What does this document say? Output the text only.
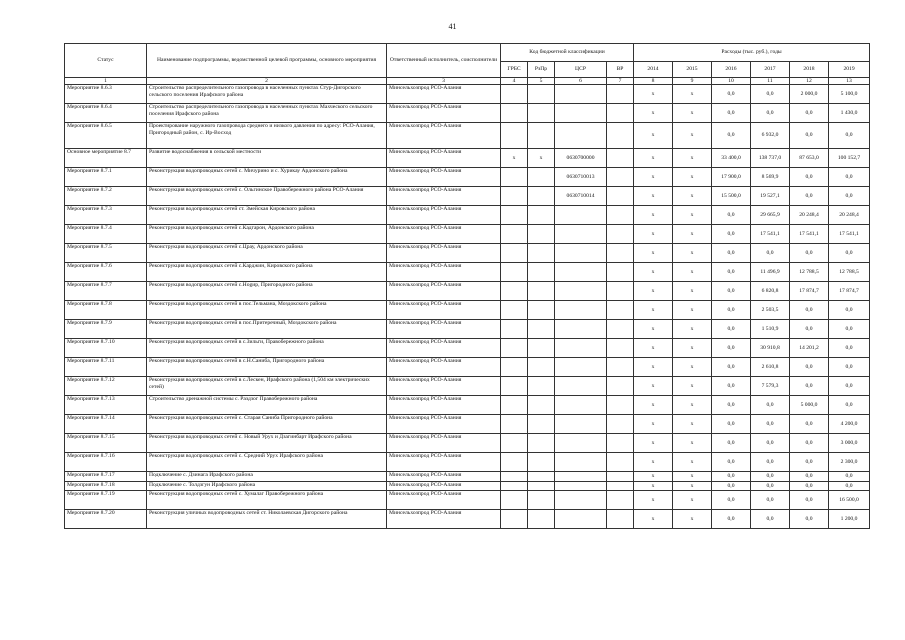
41
Статус	Наименование подпрограммы, ведомственной целевой программы, основного мероприятия	Ответственный исполнитель, соисполнители	Код бюджетной классификации				Расходы (тыс. руб.), годы					
			ГРБС	РзПр	ЦСР	ВР	2014	2015	2016	2017	2018	2019
1	2	3	4	5	6	7	8	9	10	11	12	13
Мероприятие 8.6.3	Строительство распределительного газопровода в населенных пунктах Стур-Дигорского сельского поселения Ирафского района	Минсельхозпрод РСО-Алания					х	х	0,0	0,0	2 000,0	5 100,0
Мероприятие 8.6.4	Строительство распределительного газопровода в населенных пунктах Махческого сельского поселения Ирафского района	Минсельхозпрод РСО-Алания					х	х	0,0	0,0	0,0	1 430,0
Мероприятие 8.6.5	Проектирование наружного газопровода среднего и низкого давления по адресу: РСО-Алания, Пригородный район, с. Ир-Восход	Минсельхозпрод РСО-Алания					х	х	0,0	6 932,0	0,0	0,0
Основное мероприятие 8.7	Развитие водоснабжения в сельской местности	Минсельхозпрод РСО-Алания	х	х	0630700000		х	х	33 400,0	138 737,0	87 653,0	100 152,7
Мероприятие 8.7.1	Реконструкция водопроводных сетей с. Мичурино и с. Хурикау Ардонского района	Минсельхозпрод РСО-Алания			0630710013		х	х	17 900,0	8 569,9	0,0	0,0
Мероприятие 8.7.2	Реконструкция водопроводных сетей с. Ольгинское Правобережного района РСО-Алания	Минсельхозпрод РСО-Алания			0630710014		х	х	15 500,0	19 527,1	0,0	0,0
Мероприятие 8.7.3	Реконструкция водопроводных сетей ст. Змейская Кировского района	Минсельхозпрод РСО-Алания					х	х	0,0	29 665,9	20 248,4	20 248,4
Мероприятие 8.7.4	Реконструкция водопроводных сетей с.Кадгарон, Ардонского района	Минсельхозпрод РСО-Алания					х	х	0,0	17 541,1	17 541,1	17 541,1
Мероприятие 8.7.5	Реконструкция водопроводных сетей с.Црау, Ардонского района	Минсельхозпрод РСО-Алания					х	х	0,0	0,0	0,0	0,0
Мероприятие 8.7.6	Реконструкция водопроводных сетей с.Карджин, Кировского района	Минсельхозпрод РСО-Алания					х	х	0,0	11 496,9	12 788,5	12 788,5
Мероприятие 8.7.7	Реконструкция водопроводных сетей с.Нogир, Пригородного района	Минсельхозпрод РСО-Алания					х	х	0,0	6 820,8	17 874,7	17 874,7
Мероприятие 8.7.8	Реконструкция водопроводных сетей в пос.Тельмана, Моздокского района	Минсельхозпрод РСО-Алания					х	х	0,0	2 503,5	0,0	0,0
Мероприятие 8.7.9	Реконструкция водопроводных сетей в пос.Притеречный, Моздокского района	Минсельхозпрод РСО-Алания					х	х	0,0	1 510,9	0,0	0,0
Мероприятие 8.7.10	Реконструкция водопроводных сетей в с.Зильги, Правобережного района	Минсельхозпрод РСО-Алания					х	х	0,0	30 910,8	14 201,2	0,0
Мероприятие 8.7.11	Реконструкция водопроводных сетей в с.Н.Саниба, Пригородного района	Минсельхозпрод РСО-Алания					х	х	0,0	2 610,8	0,0	0,0
Мероприятие 8.7.12	Реконструкция водопроводных сетей в с.Лескен, Ирафского района (1,504 км электрических сетей)	Минсельхозпрод РСО-Алания					х	х	0,0	7 579,3	0,0	0,0
Мероприятие 8.7.13	Строительство дренажной системы с. Раздзог Правобережного района	Минсельхозпрод РСО-Алания					х	х	0,0	0,0	5 000,0	0,0
Мероприятие 8.7.14	Реконструкция водопроводных сетей с. Старая Саниба Пригородного района	Минсельхозпрод РСО-Алания					х	х	0,0	0,0	0,0	4 200,0
Мероприятие 8.7.15	Реконструкция водопроводных сетей с. Новый Урух и Дзагинбарт Ирафского района	Минсельхозпрод РСО-Алания					х	х	0,0	0,0	0,0	3 000,0
Мероприятие 8.7.16	Реконструкция водопроводных сетей с. Средний Урух Ирафского района	Минсельхозпрод РСО-Алания					х	х	0,0	0,0	0,0	2 300,0
Мероприятие 8.7.17	Подключение с. Дзинага Ирафского района	Минсельхозпрод РСО-Алания					х	х	0,0	0,0	0,0	0,0
Мероприятие 8.7.18	Подключение с. Толдзгун Ирафского района	Минсельхозпрод РСО-Алания					х	х	0,0	0,0	0,0	0,0
Мероприятие 8.7.19	Реконструкция водопроводных сетей с. Хумалаг Правобережного района	Минсельхозпрод РСО-Алания					х	х	0,0	0,0	0,0	16 500,0
Мероприятие 8.7.20	Реконструкция уличных водопроводных сетей ст. Николаевская Дигорского района	Минсельхозпрод РСО-Алания					х	х	0,0	0,0	0,0	1 200,0
